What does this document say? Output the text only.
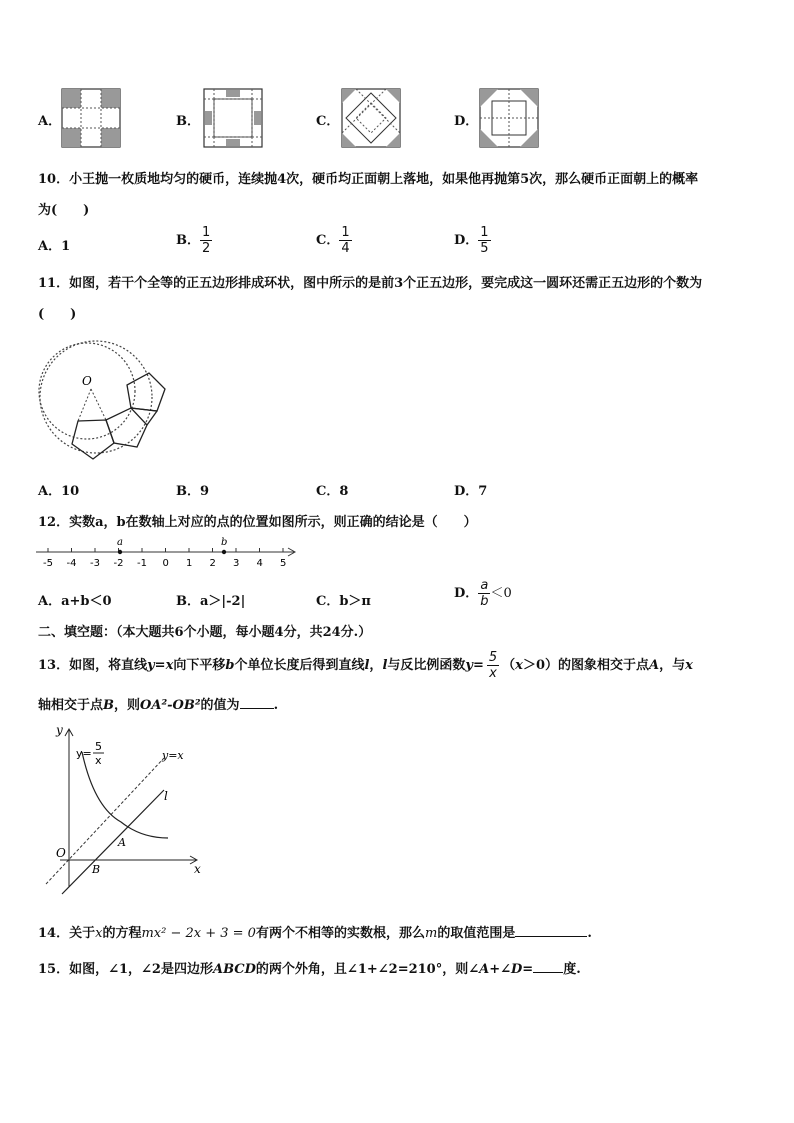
A．	B．	C．	D．
10．小王抛一枚质地均匀的硬币，连续抛4次，硬币均正面朝上落地，如果他再抛第5次，那么硬币正面朝上的概率
为(　　)
A．1	B． $\frac{1}{2}$	C． $\frac{1}{4}$	D． $\frac{1}{5}$
11．如图，若干个全等的正五边形排成环状，图中所示的是前3个正五边形，要完成这一圆环还需正五边形的个数为
(　　)
O
A．10	B．9	C．8	D．7
12．实数a，b在数轴上对应的点的位置如图所示，则正确的结论是（　　）
-5 -4 -3 -2 -1 0 1 2 3 4 5
a	b
A．a+b＜0	B．a＞|-2|	C．b＞π
D． $\frac{a}{b} <0$
二、填空题：（本大题共6个小题，每小题4分，共24分.）
13．如图，将直线y=x向下平移b个单位长度后得到直线l，l与反比例函数$y= \frac{5}{x} (x>0)$的图象相交于点A，与x
轴相交于点B，则OA²-OB²的值为	.
y
x
O
y=x
l
y=
5
x
A
B
14．关于x的方程mx² − 2x + 3 = 0有两个不相等的实数根，那么m的取值范围是	.
15．如图，∠1，∠2是四边形ABCD的两个外角，且∠1+∠2=210°，则∠A+∠D= 度.
